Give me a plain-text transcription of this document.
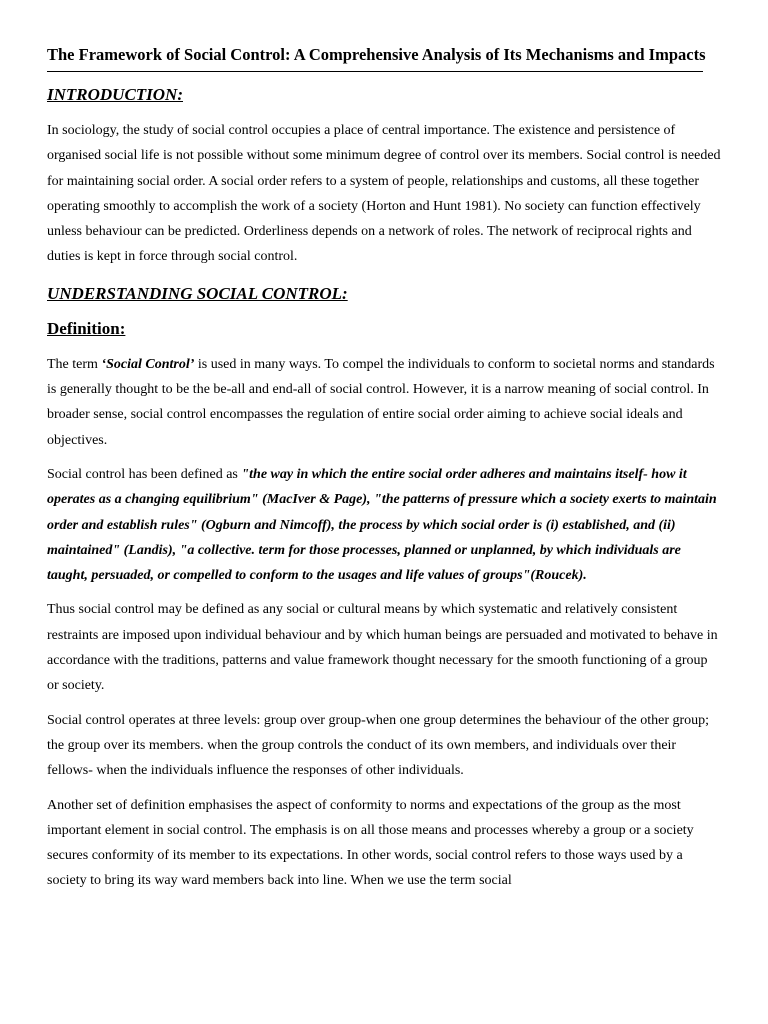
The Framework of Social Control: A Comprehensive Analysis of Its Mechanisms and Impacts
INTRODUCTION:

In sociology, the study of social control occupies a place of central importance. The existence and persistence of organised social life is not possible without some minimum degree of control over its members. Social control is needed for maintaining social order. A social order refers to a system of people, relationships and customs, all these together operating smoothly to accomplish the work of a society (Horton and Hunt 1981). No society can function effectively unless behaviour can be predicted. Orderliness depends on a network of roles. The network of reciprocal rights and duties is kept in force through social control.

UNDERSTANDING SOCIAL CONTROL:
Definition:

The term ‘Social Control’ is used in many ways. To compel the individuals to conform to societal norms and standards is generally thought to be the be-all and end-all of social control. However, it is a narrow meaning of social control. In broader sense, social control encompasses the regulation of entire social order aiming to achieve social ideals and objectives.

Social control has been defined as "the way in which the entire social order adheres and maintains itself- how it operates as a changing equilibrium" (MacIver & Page), "the patterns of pressure which a society exerts to maintain order and establish rules" (Ogburn and Nimcoff), the process by which social order is (i) established, and (ii) maintained" (Landis), "a collective. term for those processes, planned or unplanned, by which individuals are taught, persuaded, or compelled to conform to the usages and life values of groups"(Roucek).

Thus social control may be defined as any social or cultural means by which systematic and relatively consistent restraints are imposed upon individual behaviour and by which human beings are persuaded and motivated to behave in accordance with the traditions, patterns and value framework thought necessary for the smooth functioning of a group or society.

Social control operates at three levels: group over group-when one group determines the behaviour of the other group; the group over its members. when the group controls the conduct of its own members, and individuals over their fellows- when the individuals influence the responses of other individuals.

Another set of definition emphasises the aspect of conformity to norms and expectations of the group as the most important element in social control. The emphasis is on all those means and processes whereby a group or a society secures conformity of its member to its expectations. In other words, social control refers to those ways used by a society to bring its way ward members back into line. When we use the term social
